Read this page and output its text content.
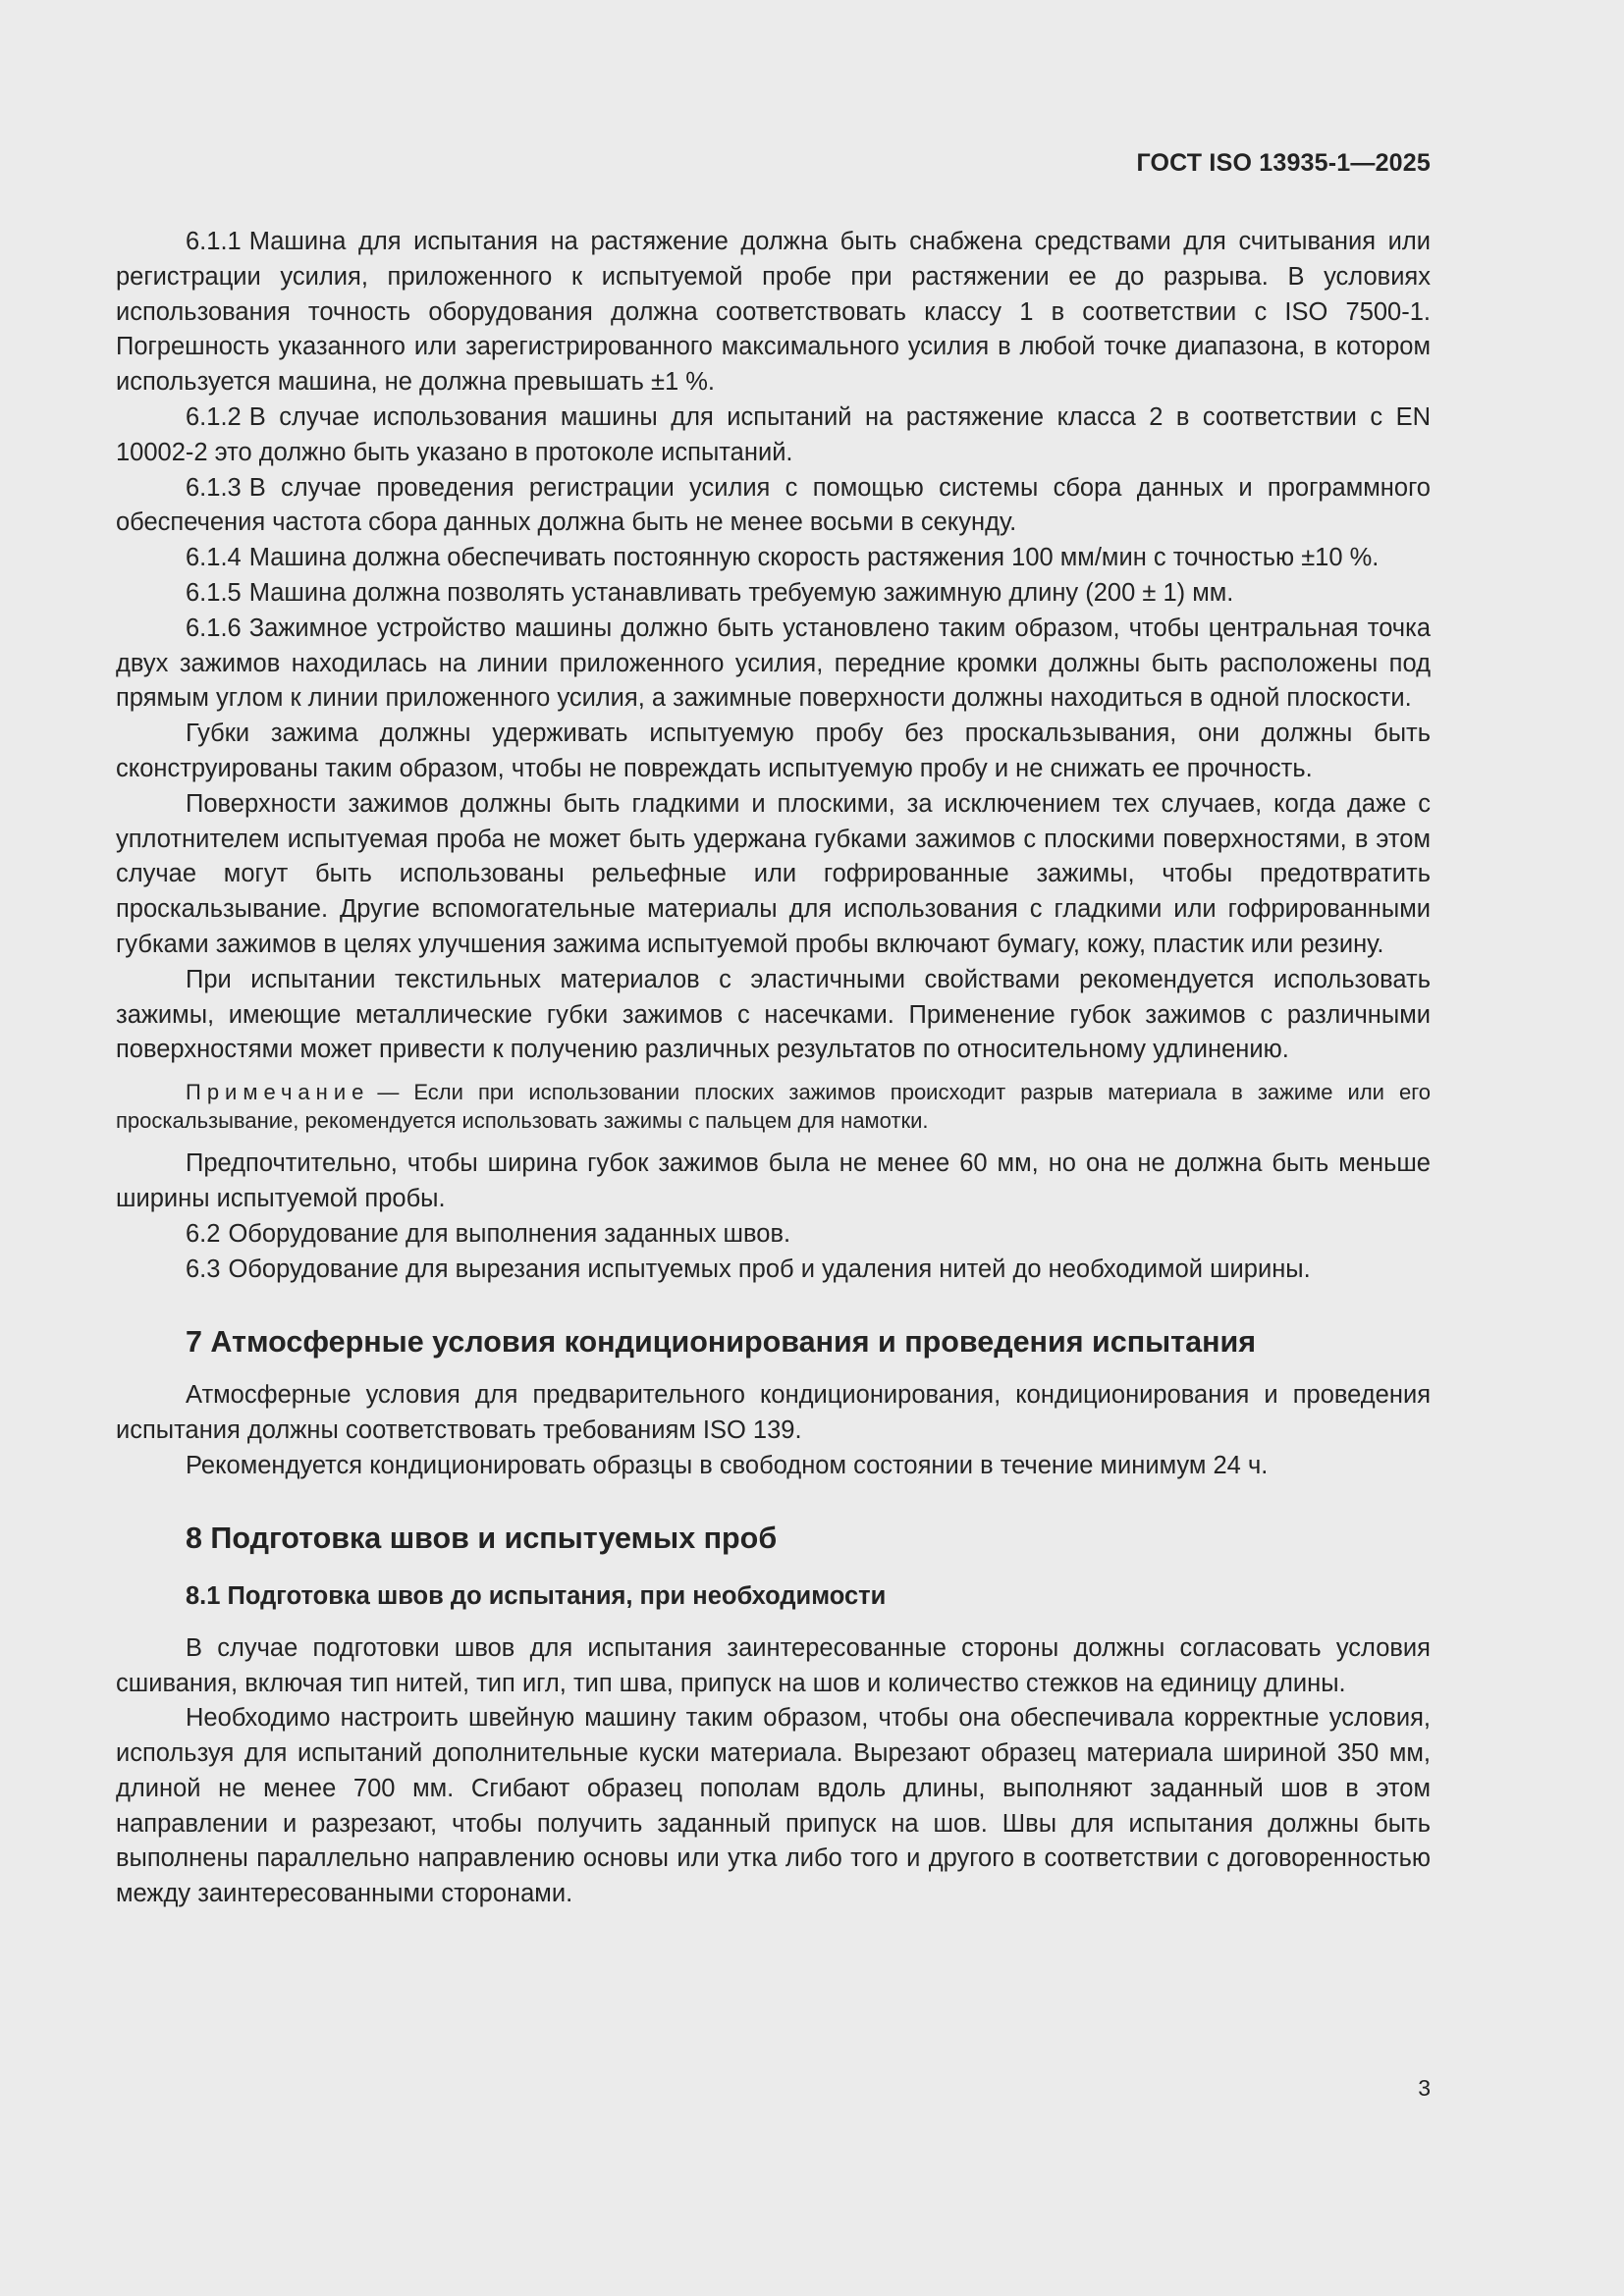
ГОСТ ISO 13935-1—2025

6.1.1 Машина для испытания на растяжение должна быть снабжена средствами для считывания или регистрации усилия, приложенного к испытуемой пробе при растяжении ее до разрыва. В условиях использования точность оборудования должна соответствовать классу 1 в соответствии с ISO 7500-1. Погрешность указанного или зарегистрированного максимального усилия в любой точке диапазона, в котором используется машина, не должна превышать ±1 %.

6.1.2 В случае использования машины для испытаний на растяжение класса 2 в соответствии с EN 10002-2 это должно быть указано в протоколе испытаний.

6.1.3 В случае проведения регистрации усилия с помощью системы сбора данных и программного обеспечения частота сбора данных должна быть не менее восьми в секунду.

6.1.4 Машина должна обеспечивать постоянную скорость растяжения 100 мм/мин с точностью ±10 %.

6.1.5 Машина должна позволять устанавливать требуемую зажимную длину (200 ± 1) мм.

6.1.6 Зажимное устройство машины должно быть установлено таким образом, чтобы центральная точка двух зажимов находилась на линии приложенного усилия, передние кромки должны быть расположены под прямым углом к линии приложенного усилия, а зажимные поверхности должны находиться в одной плоскости.

Губки зажима должны удерживать испытуемую пробу без проскальзывания, они должны быть сконструированы таким образом, чтобы не повреждать испытуемую пробу и не снижать ее прочность.

Поверхности зажимов должны быть гладкими и плоскими, за исключением тех случаев, когда даже с уплотнителем испытуемая проба не может быть удержана губками зажимов с плоскими поверхностями, в этом случае могут быть использованы рельефные или гофрированные зажимы, чтобы предотвратить проскальзывание. Другие вспомогательные материалы для использования с гладкими или гофрированными губками зажимов в целях улучшения зажима испытуемой пробы включают бумагу, кожу, пластик или резину.

При испытании текстильных материалов с эластичными свойствами рекомендуется использовать зажимы, имеющие металлические губки зажимов с насечками. Применение губок зажимов с различными поверхностями может привести к получению различных результатов по относительному удлинению.

Примечание — Если при использовании плоских зажимов происходит разрыв материала в зажиме или его проскальзывание, рекомендуется использовать зажимы с пальцем для намотки.

Предпочтительно, чтобы ширина губок зажимов была не менее 60 мм, но она не должна быть меньше ширины испытуемой пробы.

6.2 Оборудование для выполнения заданных швов.

6.3 Оборудование для вырезания испытуемых проб и удаления нитей до необходимой ширины.

7 Атмосферные условия кондиционирования и проведения испытания

Атмосферные условия для предварительного кондиционирования, кондиционирования и проведения испытания должны соответствовать требованиям ISO 139.

Рекомендуется кондиционировать образцы в свободном состоянии в течение минимум 24 ч.

8 Подготовка швов и испытуемых проб
8.1 Подготовка швов до испытания, при необходимости

В случае подготовки швов для испытания заинтересованные стороны должны согласовать условия сшивания, включая тип нитей, тип игл, тип шва, припуск на шов и количество стежков на единицу длины.

Необходимо настроить швейную машину таким образом, чтобы она обеспечивала корректные условия, используя для испытаний дополнительные куски материала. Вырезают образец материала шириной 350 мм, длиной не менее 700 мм. Сгибают образец пополам вдоль длины, выполняют заданный шов в этом направлении и разрезают, чтобы получить заданный припуск на шов. Швы для испытания должны быть выполнены параллельно направлению основы или утка либо того и другого в соответствии с договоренностью между заинтересованными сторонами.

3
